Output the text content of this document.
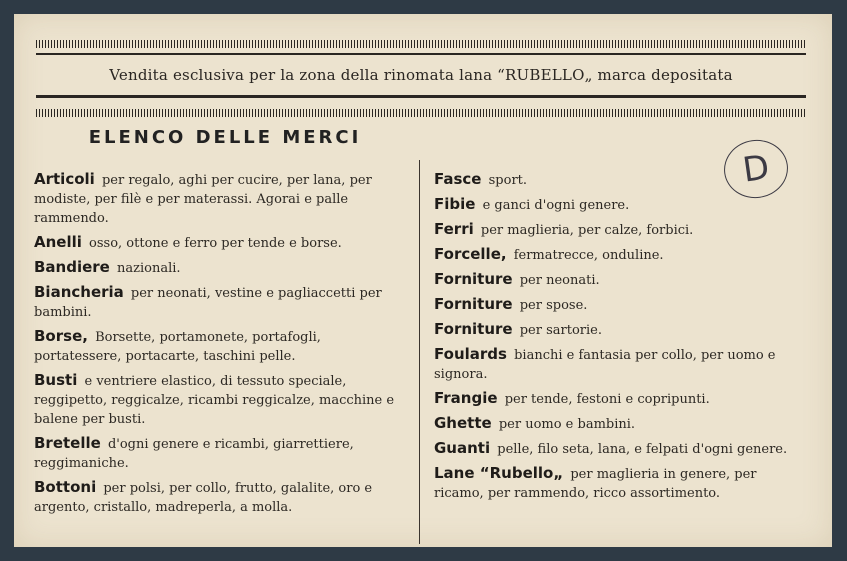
Vendita esclusiva per la zona della rinomata lana “RUBELLO„ marca depositata
ELENCO DELLE MERCI
D
Articoli per regalo, aghi per cucire, per lana, per modiste, per filè e per materassi. Agorai e palle rammendo.
Anelli osso, ottone e ferro per tende e borse.
Bandiere nazionali.
Biancheria per neonati, vestine e pagliaccetti per bambini.
Borse, Borsette, portamonete, portafogli, portatessere, portacarte, taschini pelle.
Busti e ventriere elastico, di tessuto speciale, reggipetto, reggicalze, ricambi reggicalze, macchine e balene per busti.
Bretelle d'ogni genere e ricambi, giarrettiere, reggimaniche.
Bottoni per polsi, per collo, frutto, galalite, oro e argento, cristallo, madreperla, a molla.
Fasce sport.
Fibie e ganci d'ogni genere.
Ferri per maglieria, per calze, forbici.
Forcelle, fermatrecce, onduline.
Forniture per neonati.
Forniture per spose.
Forniture per sartorie.
Foulards bianchi e fantasia per collo, per uomo e signora.
Frangie per tende, festoni e copripunti.
Ghette per uomo e bambini.
Guanti pelle, filo seta, lana, e felpati d'ogni genere.
Lane “Rubello„ per maglieria in genere, per ricamo, per rammendo, ricco assortimento.
